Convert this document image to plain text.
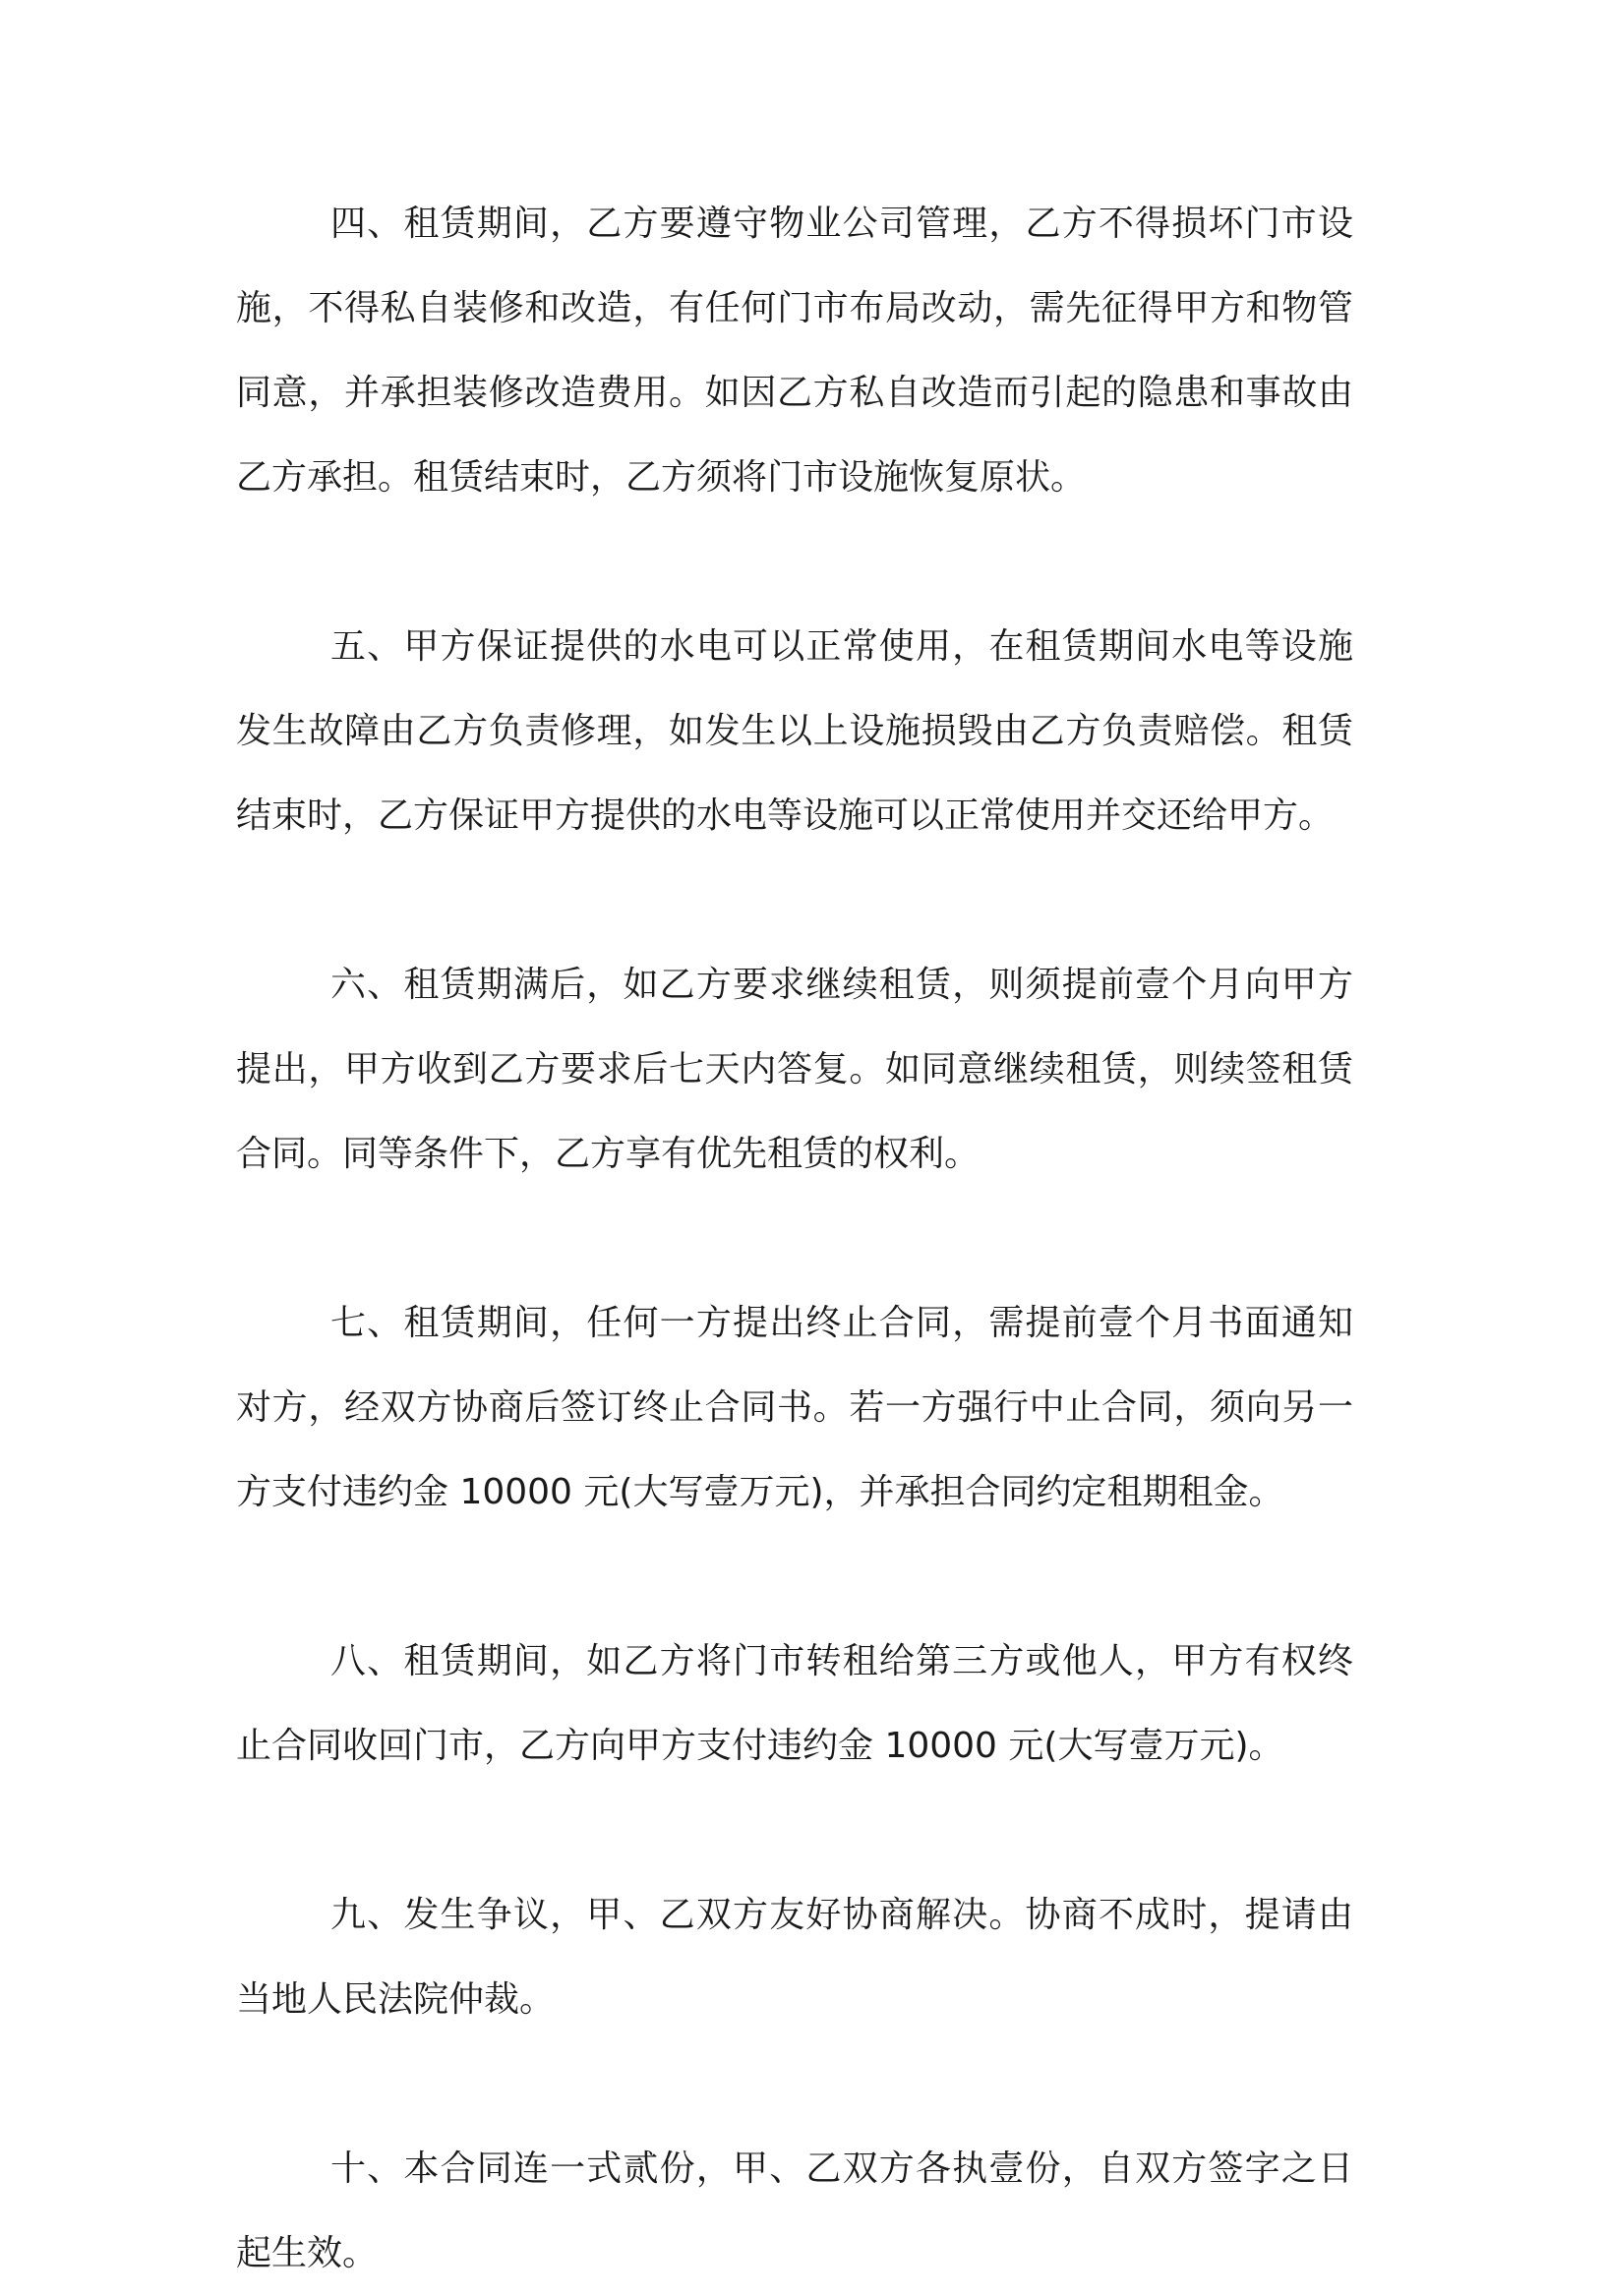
四、租赁期间，乙方要遵守物业公司管理，乙方不得损坏门市设施，不得私自装修和改造，有任何门市布局改动，需先征得甲方和物管同意，并承担装修改造费用。如因乙方私自改造而引起的隐患和事故由乙方承担。租赁结束时，乙方须将门市设施恢复原状。

五、甲方保证提供的水电可以正常使用，在租赁期间水电等设施发生故障由乙方负责修理，如发生以上设施损毁由乙方负责赔偿。租赁结束时，乙方保证甲方提供的水电等设施可以正常使用并交还给甲方。

六、租赁期满后，如乙方要求继续租赁，则须提前壹个月向甲方提出，甲方收到乙方要求后七天内答复。如同意继续租赁，则续签租赁合同。同等条件下，乙方享有优先租赁的权利。

七、租赁期间，任何一方提出终止合同，需提前壹个月书面通知对方，经双方协商后签订终止合同书。若一方强行中止合同，须向另一方支付违约金 10000 元(大写壹万元)，并承担合同约定租期租金。

八、租赁期间，如乙方将门市转租给第三方或他人，甲方有权终止合同收回门市，乙方向甲方支付违约金 10000 元(大写壹万元)。

九、发生争议，甲、乙双方友好协商解决。协商不成时，提请由当地人民法院仲裁。

十、本合同连一式贰份，甲、乙双方各执壹份，自双方签字之日起生效。
